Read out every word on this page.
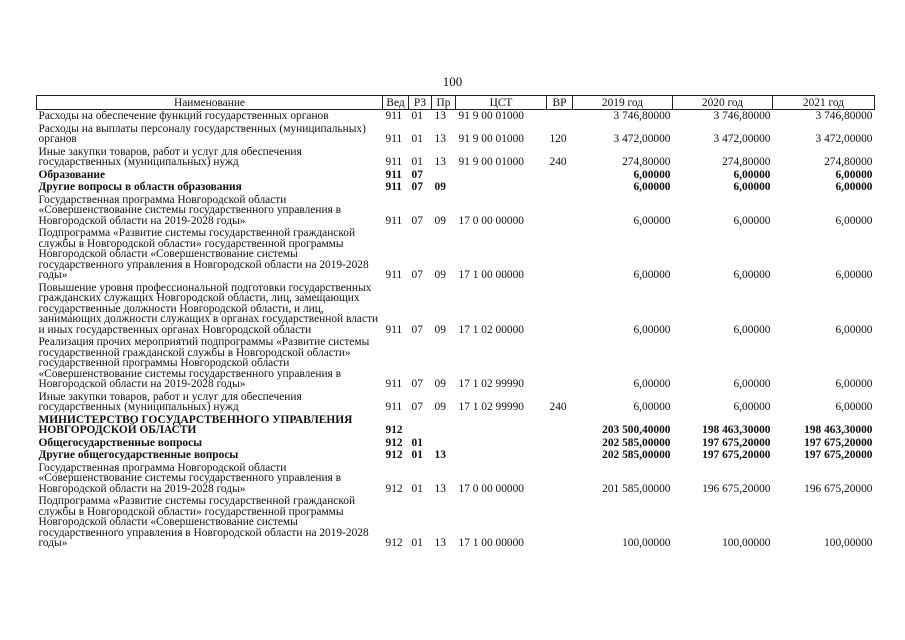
100
Наименование	Вед	РЗ	Пр	ЦСТ	ВР	2019 год	2020 год	2021 год
Расходы на обеспечение функций государственных органов	911	01	13	91 9 00 01000		3 746,80000	3 746,80000	3 746,80000
Расходы на выплаты персоналу государственных (муниципальных) органов	911	01	13	91 9 00 01000	120	3 472,00000	3 472,00000	3 472,00000
Иные закупки товаров, работ и услуг для обеспечения государственных (муниципальных) нужд	911	01	13	91 9 00 01000	240	274,80000	274,80000	274,80000
Образование	911	07				6,00000	6,00000	6,00000
Другие вопросы в области образования	911	07	09			6,00000	6,00000	6,00000
Государственная программа Новгородской области «Совершенствование системы государственного управления в Новгородской области на 2019-2028 годы»	911	07	09	17 0 00 00000		6,00000	6,00000	6,00000
Подпрограмма «Развитие системы государственной гражданской службы в Новгородской области» государственной программы Новгородской области «Совершенствование системы государственного управления в Новгородской области на 2019-2028 годы»	911	07	09	17 1 00 00000		6,00000	6,00000	6,00000
Повышение уровня профессиональной подготовки государственных гражданских служащих Новгородской области, лиц, замещающих государственные должности Новгородской области, и лиц, занимающих должности служащих в органах государственной власти и иных государственных органах Новгородской области	911	07	09	17 1 02 00000		6,00000	6,00000	6,00000
Реализация прочих мероприятий подпрограммы «Развитие системы государственной гражданской службы в Новгородской области» государственной программы Новгородской области «Совершенствование системы государственного управления в Новгородской области на 2019-2028 годы»	911	07	09	17 1 02 99990		6,00000	6,00000	6,00000
Иные закупки товаров, работ и услуг для обеспечения государственных (муниципальных) нужд	911	07	09	17 1 02 99990	240	6,00000	6,00000	6,00000
МИНИСТЕРСТВО ГОСУДАРСТВЕННОГО УПРАВЛЕНИЯ НОВГОРОДСКОЙ ОБЛАСТИ	912					203 500,40000	198 463,30000	198 463,30000
Общегосударственные вопросы	912	01				202 585,00000	197 675,20000	197 675,20000
Другие общегосударственные вопросы	912	01	13			202 585,00000	197 675,20000	197 675,20000
Государственная программа Новгородской области «Совершенствование системы государственного управления в Новгородской области на 2019-2028 годы»	912	01	13	17 0 00 00000		201 585,00000	196 675,20000	196 675,20000
Подпрограмма «Развитие системы государственной гражданской службы в Новгородской области» государственной программы Новгородской области «Совершенствование системы государственного управления в Новгородской области на 2019-2028 годы»	912	01	13	17 1 00 00000		100,00000	100,00000	100,00000
